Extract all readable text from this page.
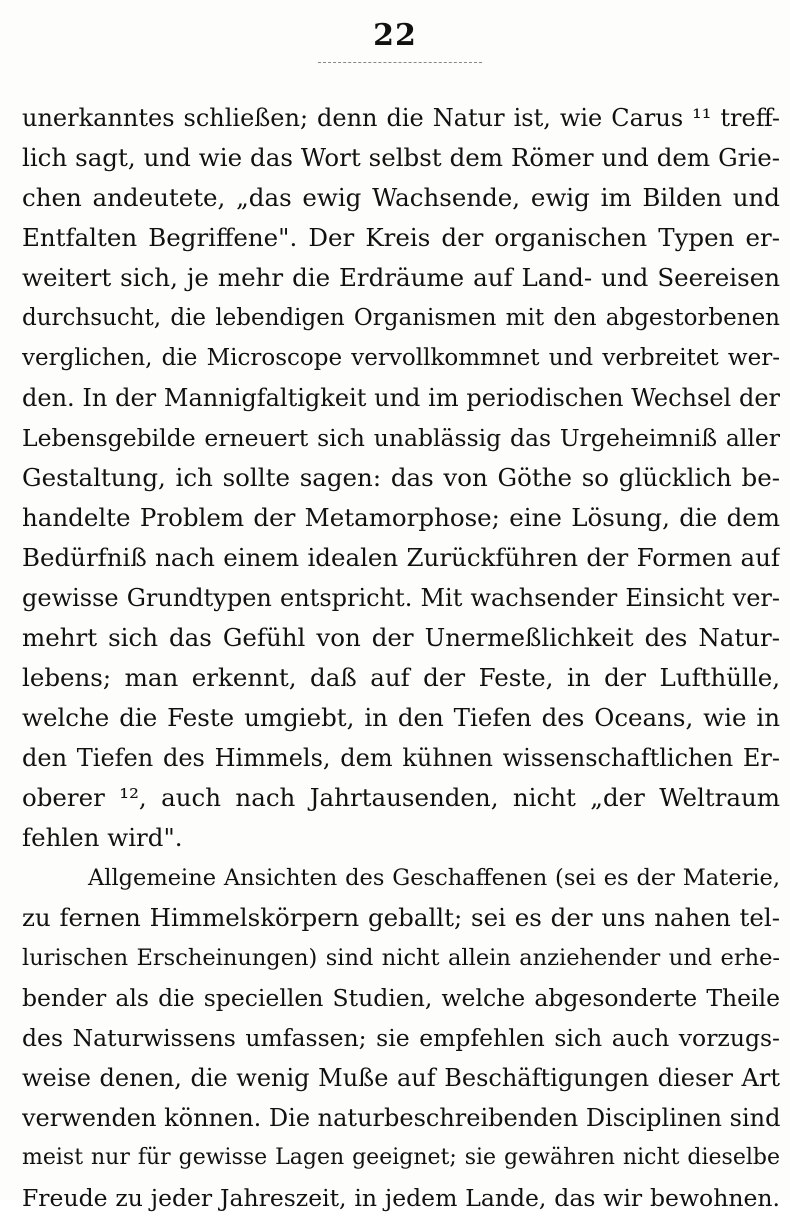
22
unerkanntes schließen; denn die Natur ist, wie Carus ¹¹ treff-
lich sagt, und wie das Wort selbst dem Römer und dem Grie-
chen andeutete, „das ewig Wachsende, ewig im Bilden und
Entfalten Begriffene". Der Kreis der organischen Typen er-
weitert sich, je mehr die Erdräume auf Land- und Seereisen
durchsucht, die lebendigen Organismen mit den abgestorbenen
verglichen, die Microscope vervollkommnet und verbreitet wer-
den. In der Mannigfaltigkeit und im periodischen Wechsel der
Lebensgebilde erneuert sich unablässig das Urgeheimniß aller
Gestaltung, ich sollte sagen: das von Göthe so glücklich be-
handelte Problem der Metamorphose; eine Lösung, die dem
Bedürfniß nach einem idealen Zurückführen der Formen auf
gewisse Grundtypen entspricht. Mit wachsender Einsicht ver-
mehrt sich das Gefühl von der Unermeßlichkeit des Natur-
lebens; man erkennt, daß auf der Feste, in der Lufthülle,
welche die Feste umgiebt, in den Tiefen des Oceans, wie in
den Tiefen des Himmels, dem kühnen wissenschaftlichen Er-
oberer ¹², auch nach Jahrtausenden, nicht „der Weltraum
fehlen wird".
Allgemeine Ansichten des Geschaffenen (sei es der Materie,
zu fernen Himmelskörpern geballt; sei es der uns nahen tel-
lurischen Erscheinungen) sind nicht allein anziehender und erhe-
bender als die speciellen Studien, welche abgesonderte Theile
des Naturwissens umfassen; sie empfehlen sich auch vorzugs-
weise denen, die wenig Muße auf Beschäftigungen dieser Art
verwenden können. Die naturbeschreibenden Disciplinen sind
meist nur für gewisse Lagen geeignet; sie gewähren nicht dieselbe
Freude zu jeder Jahreszeit, in jedem Lande, das wir bewohnen.
